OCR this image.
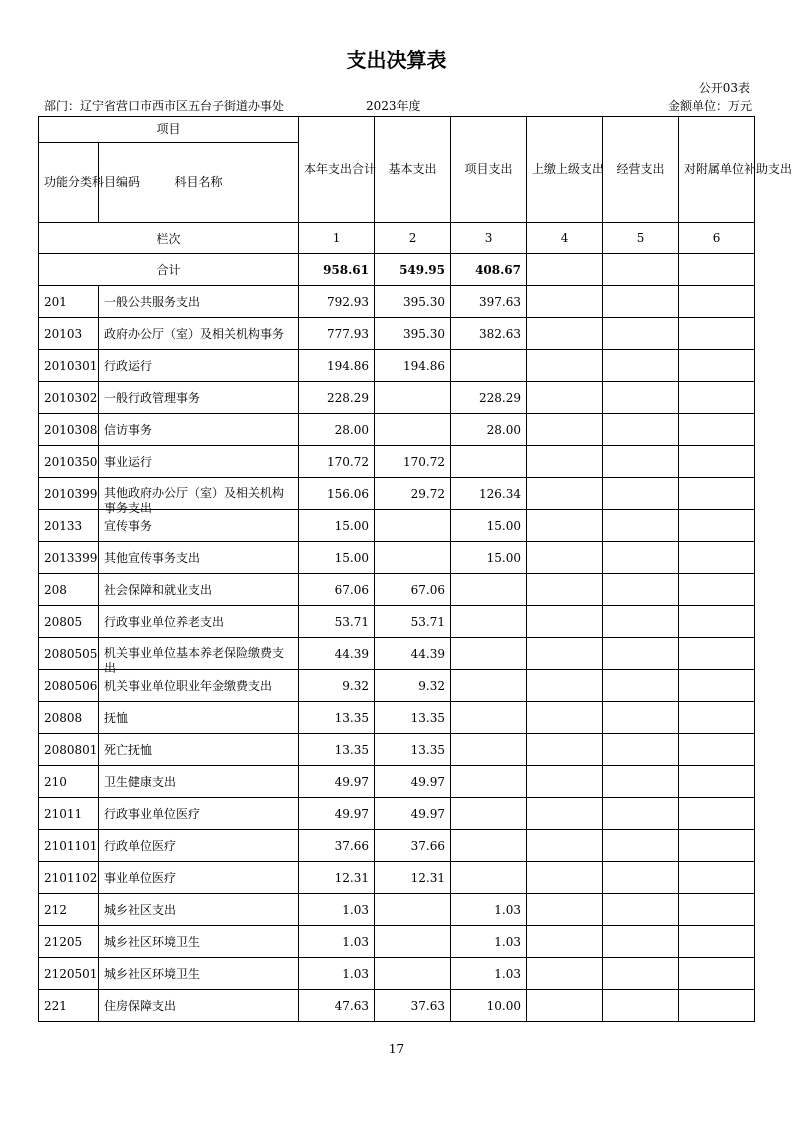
支出决算表
公开03表
部门：辽宁省营口市西市区五台子街道办事处	2023年度	金额单位：万元
项目		本年支出合计	基本支出	项目支出	上缴上级支出	经营支出	对附属单位补助支出
功能分类科目编码	科目名称						
栏次		1	2	3	4	5	6
合计		958.61	549.95	408.67			
201	一般公共服务支出	792.93	395.30	397.63			
20103	政府办公厅（室）及相关机构事务	777.93	395.30	382.63			
2010301	行政运行	194.86	194.86				
2010302	一般行政管理事务	228.29		228.29			
2010308	信访事务	28.00		28.00			
2010350	事业运行	170.72	170.72				
2010399	其他政府办公厅（室）及相关机构事务支出	156.06	29.72	126.34			
20133	宣传事务	15.00		15.00			
2013399	其他宣传事务支出	15.00		15.00			
208	社会保障和就业支出	67.06	67.06				
20805	行政事业单位养老支出	53.71	53.71				
2080505	机关事业单位基本养老保险缴费支出	44.39	44.39				
2080506	机关事业单位职业年金缴费支出	9.32	9.32				
20808	抚恤	13.35	13.35				
2080801	死亡抚恤	13.35	13.35				
210	卫生健康支出	49.97	49.97				
21011	行政事业单位医疗	49.97	49.97				
2101101	行政单位医疗	37.66	37.66				
2101102	事业单位医疗	12.31	12.31				
212	城乡社区支出	1.03		1.03			
21205	城乡社区环境卫生	1.03		1.03			
2120501	城乡社区环境卫生	1.03		1.03			
221	住房保障支出	47.63	37.63	10.00			
17
